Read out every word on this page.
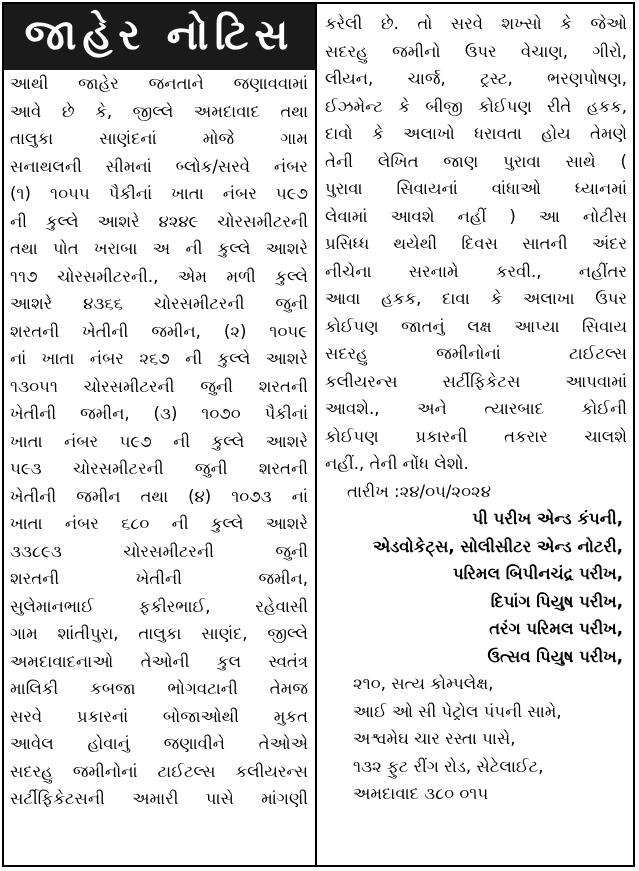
જાહેર નોટિસ
આથી જાહેર જનતાને જણાવવામાં
આવે છે કે, જીલ્લે અમદાવાદ તથા
તાલુકા સાણંદનાં મોજે ગામ
સનાથલની સીમનાં બ્લોક/સરવે નંબર
(૧) ૧૦૫૫ પૈકીનાં ખાતા નંબર ૫૯૭
ની કુલ્લે આશરે ૪૨૪૯ ચોરસમીટરની
તથા પોત ખરાબા અ ની કુલ્લે આશરે
૧૧૭ ચોરસમીટરની., એમ મળી કુલ્લે
આશરે ૪૩૬૬ ચોરસમીટરની જુની
શરતની ખેતીની જમીન, (૨) ૧૦૫૯
નાં ખાતા નંબર ૨૬૭ ની કુલ્લે આશરે
૧૩૦૫૧ ચોરસમીટરની જુની શરતની
ખેતીની જમીન, (૩) ૧૦૭૦ પૈકીનાં
ખાતા નંબર ૫૯૭ ની કુલ્લે આશરે
૫૯૩ ચોરસમીટરની જુની શરતની
ખેતીની જમીન તથા (૪) ૧૦૭૩ નાં
ખાતા નંબર ૬૮૦ ની કુલ્લે આશરે
૩૩૮૯૩ ચોરસમીટરની જુની
શરતની ખેતીની જમીન,
સુલેમાનભાઈ ફકીરભાઈ, રહેવાસી
ગામ શાંતીપુરા, તાલુકા સાણંદ, જીલ્લે
અમદાવાદનાઓ તેઓની કુલ સ્વતંત્ર
માલિકી કબજા ભોગવટાની તેમજ
સરવે પ્રકારનાં બોજાઓથી મુકત
આવેલ હોવાનું જણાવીને તેઓએ
સદરહુ જમીનોનાં ટાઈટલ્સ કલીયરન્સ
સર્ટીફિકેટસની અમારી પાસે માંગણી
કરેલી છે. તો સરવે શખ્સો કે જેઓ
સદરહુ જમીનો ઉપર વેચાણ, ગીરો,
લીયન, ચાર્જ, ટ્રસ્ટ, ભરણપોષણ,
ઈઝમેન્ટ કે બીજી કોઈપણ રીતે હકક,
દાવો કે અલાખો ધરાવતા હોય તેમણે
તેની લેખિત જાણ પુરાવા સાથે (
પુરાવા સિવાયનાં વાંધાઓ ધ્યાનમાં
લેવામાં આવશે નહીં ) આ નોટીસ
પ્રસિધ્ધ થયેથી દિવસ સાતની અંદર
નીચેના સરનામે કરવી., નહીંતર
આવા હકક, દાવા કે અલાખા ઉપર
કોઈપણ જાતનું લક્ષ આપ્યા સિવાય
સદરહુ જમીનોનાં ટાઈટલ્સ
કલીયરન્સ સર્ટીફિકેટસ આપવામાં
આવશે., અને ત્યારબાદ કોઈની
કોઈપણ પ્રકારની તકરાર ચાલશે
નહીં., તેની નોંધ લેશો.
તારીખ :૨૪/૦૫/૨૦૨૪
પી પરીખ એન્ડ કંપની,
એડવોકેટ્સ, સોલીસીટર એન્ડ નોટરી,
પરિમલ બિપીનચંદ્ર પરીખ,
દિપાંગ પિયુષ પરીખ,
તરંગ પરિમલ પરીખ,
ઉત્સવ પિયુષ પરીખ,
૨૧૦, સત્ય કોમ્પલેક્ષ,
આઈ ઓ સી પેટ્રોલ પંપની સામે,
અશ્વમેઘ ચાર રસ્તા પાસે,
૧૩૨ ફુટ રીંગ રોડ, સેટેલાઈટ,
અમદાવાદ ૩૮૦ ૦૧૫
